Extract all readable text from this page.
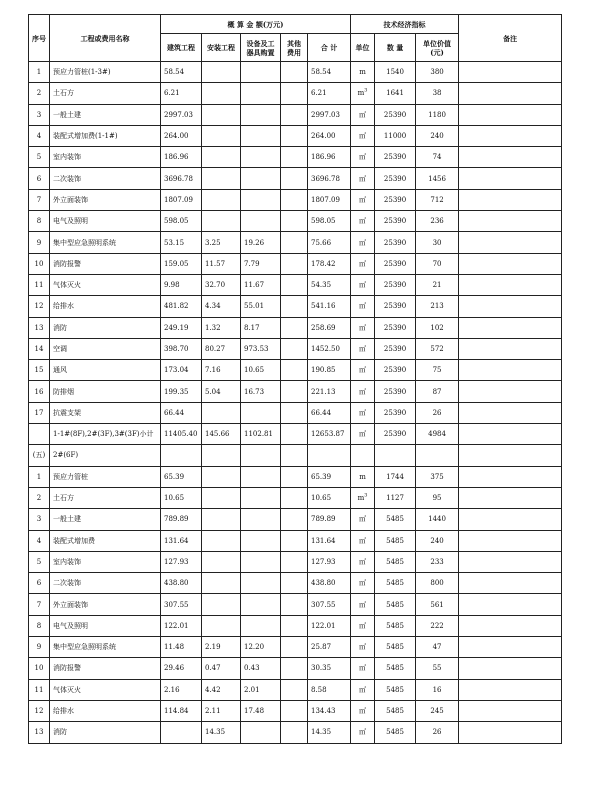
序号	工程或费用名称	概 算 金 额(万元)					技术经济指标			备注
		建筑工程	安装工程	设备及工器具购置	其他费用	合 计	单位	数 量	单位价值(元)	
1	预应力管桩(1-3#)	58.54				58.54	m	1540	380	
2	土石方	6.21				6.21	$m^3$	1641	38	
3	一般土建	2997.03				2997.03	㎡	25390	1180	
4	装配式增加费(1-1#)	264.00				264.00	㎡	11000	240	
5	室内装饰	186.96				186.96	㎡	25390	74	
6	二次装饰	3696.78				3696.78	㎡	25390	1456	
7	外立面装饰	1807.09				1807.09	㎡	25390	712	
8	电气及照明	598.05				598.05	㎡	25390	236	
9	集中型应急照明系统	53.15	3.25	19.26		75.66	㎡	25390	30	
10	消防报警	159.05	11.57	7.79		178.42	㎡	25390	70	
11	气体灭火	9.98	32.70	11.67		54.35	㎡	25390	21	
12	给排水	481.82	4.34	55.01		541.16	㎡	25390	213	
13	消防	249.19	1.32	8.17		258.69	㎡	25390	102	
14	空调	398.70	80.27	973.53		1452.50	㎡	25390	572	
15	通风	173.04	7.16	10.65		190.85	㎡	25390	75	
16	防排烟	199.35	5.04	16.73		221.13	㎡	25390	87	
17	抗震支架	66.44				66.44	㎡	25390	26	
	1-1#(8F),2#(3F),3#(3F)小计	11405.40	145.66	1102.81		12653.87	㎡	25390	4984	
(五)	2#(6F)									
1	预应力管桩	65.39				65.39	m	1744	375	
2	土石方	10.65				10.65	$m^3$	1127	95	
3	一般土建	789.89				789.89	㎡	5485	1440	
4	装配式增加费	131.64				131.64	㎡	5485	240	
5	室内装饰	127.93				127.93	㎡	5485	233	
6	二次装饰	438.80				438.80	㎡	5485	800	
7	外立面装饰	307.55				307.55	㎡	5485	561	
8	电气及照明	122.01				122.01	㎡	5485	222	
9	集中型应急照明系统	11.48	2.19	12.20		25.87	㎡	5485	47	
10	消防报警	29.46	0.47	0.43		30.35	㎡	5485	55	
11	气体灭火	2.16	4.42	2.01		8.58	㎡	5485	16	
12	给排水	114.84	2.11	17.48		134.43	㎡	5485	245	
13	消防		14.35			14.35	㎡	5485	26	
